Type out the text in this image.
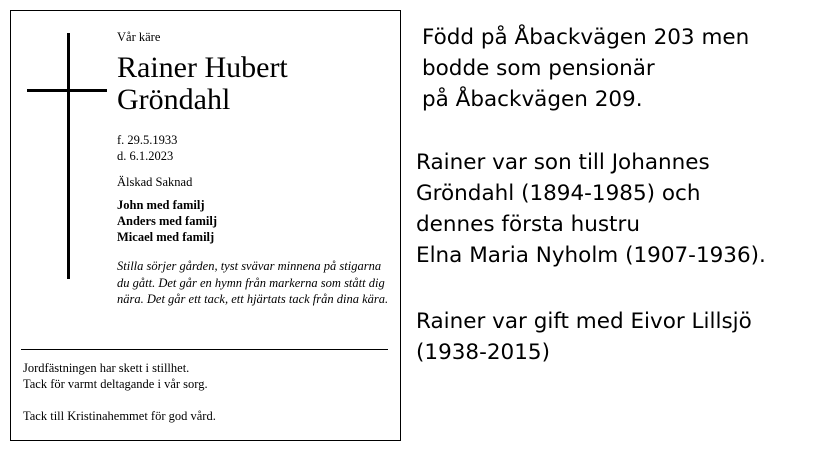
Vår käre
Rainer Hubert
Gröndahl
f. 29.5.1933
d. 6.1.2023
Älskad Saknad
John med familj
Anders med familj
Micael med familj
Stilla sörjer gården, tyst svävar minnena på stigarna du gått. Det går en hymn från markerna som stått dig nära. Det går ett tack, ett hjärtats tack från dina kära.
Jordfästningen har skett i stillhet.
Tack för varmt deltagande i vår sorg.
Tack till Kristinahemmet för god vård.
Född på Åbackvägen 203 men
bodde som pensionär
på Åbackvägen 209.
Rainer var son till Johannes
Gröndahl (1894-1985) och
dennes första hustru
Elna Maria Nyholm (1907-1936).
Rainer var gift med Eivor Lillsjö
(1938-2015)
